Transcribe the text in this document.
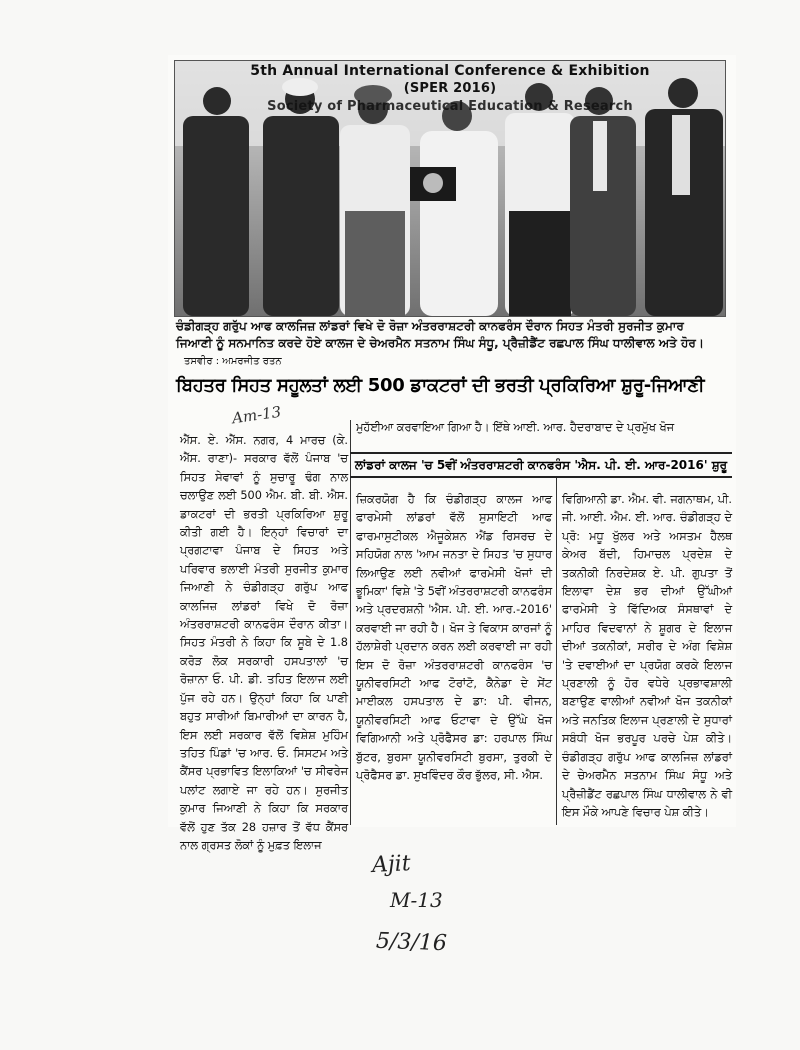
5th Annual International Conference & Exhibition
(SPER 2016)
Society of Pharmaceutical Education & Research
ਚੰਡੀਗੜ੍ਹ ਗਰੁੱਪ ਆਫ ਕਾਲਜਿਜ਼ ਲਾਂਡਰਾਂ ਵਿਖੇ ਦੋ ਰੋਜ਼ਾ ਅੰਤਰਰਾਸ਼ਟਰੀ ਕਾਨਫਰੰਸ ਦੌਰਾਨ ਸਿਹਤ ਮੰਤਰੀ ਸੁਰਜੀਤ ਕੁਮਾਰ ਜਿਆਣੀ ਨੂੰ ਸਨਮਾਨਿਤ ਕਰਦੇ ਹੋਏ ਕਾਲਜ ਦੇ ਚੇਅਰਮੈਨ ਸਤਨਾਮ ਸਿੰਘ ਸੰਧੂ, ਪ੍ਰੈਜ਼ੀਡੈਂਟ ਰਛਪਾਲ ਸਿੰਘ ਧਾਲੀਵਾਲ ਅਤੇ ਹੋਰ। ਤਸਵੀਰ : ਅਮਰਜੀਤ ਰਤਨ
ਬਿਹਤਰ ਸਿਹਤ ਸਹੂਲਤਾਂ ਲਈ 500 ਡਾਕਟਰਾਂ ਦੀ ਭਰਤੀ ਪ੍ਰਕਿਰਿਆ ਸ਼ੁਰੂ-ਜਿਆਣੀ
Am-13
ਐੱਸ. ਏ. ਐੱਸ. ਨਗਰ, 4 ਮਾਰਚ (ਕੇ. ਐੱਸ. ਰਾਣਾ)- ਸਰਕਾਰ ਵੱਲੋਂ ਪੰਜਾਬ 'ਚ ਸਿਹਤ ਸੇਵਾਵਾਂ ਨੂੰ ਸੁਚਾਰੂ ਢੰਗ ਨਾਲ ਚਲਾਉਣ ਲਈ 500 ਐਮ. ਬੀ. ਬੀ. ਐਸ. ਡਾਕਟਰਾਂ ਦੀ ਭਰਤੀ ਪ੍ਰਕਿਰਿਆ ਸ਼ੁਰੂ ਕੀਤੀ ਗਈ ਹੈ। ਇਨ੍ਹਾਂ ਵਿਚਾਰਾਂ ਦਾ ਪ੍ਰਗਟਾਵਾ ਪੰਜਾਬ ਦੇ ਸਿਹਤ ਅਤੇ ਪਰਿਵਾਰ ਭਲਾਈ ਮੰਤਰੀ ਸੁਰਜੀਤ ਕੁਮਾਰ ਜਿਆਣੀ ਨੇ ਚੰਡੀਗੜ੍ਹ ਗਰੁੱਪ ਆਫ ਕਾਲਜਿਜ਼ ਲਾਂਡਰਾਂ ਵਿਖੇ ਦੋ ਰੋਜ਼ਾ ਅੰਤਰਰਾਸ਼ਟਰੀ ਕਾਨਫਰੰਸ ਦੌਰਾਨ ਕੀਤਾ। ਸਿਹਤ ਮੰਤਰੀ ਨੇ ਕਿਹਾ ਕਿ ਸੂਬੇ ਦੇ 1.8 ਕਰੋੜ ਲੋਕ ਸਰਕਾਰੀ ਹਸਪਤਾਲਾਂ 'ਚ ਰੋਜ਼ਾਨਾ ਓ. ਪੀ. ਡੀ. ਤਹਿਤ ਇਲਾਜ ਲਈ ਪੁੱਜ ਰਹੇ ਹਨ। ਉਨ੍ਹਾਂ ਕਿਹਾ ਕਿ ਪਾਣੀ ਬਹੁਤ ਸਾਰੀਆਂ ਬਿਮਾਰੀਆਂ ਦਾ ਕਾਰਨ ਹੈ, ਇਸ ਲਈ ਸਰਕਾਰ ਵੱਲੋਂ ਵਿਸ਼ੇਸ਼ ਮੁਹਿੰਮ ਤਹਿਤ ਪਿੰਡਾਂ 'ਚ ਆਰ. ਓ. ਸਿਸਟਮ ਅਤੇ ਕੈਂਸਰ ਪ੍ਰਭਾਵਿਤ ਇਲਾਕਿਆਂ 'ਚ ਸੀਵਰੇਜ ਪਲਾਂਟ ਲਗਾਏ ਜਾ ਰਹੇ ਹਨ। ਸੁਰਜੀਤ ਕੁਮਾਰ ਜਿਆਣੀ ਨੇ ਕਿਹਾ ਕਿ ਸਰਕਾਰ ਵੱਲੋਂ ਹੁਣ ਤੱਕ 28 ਹਜ਼ਾਰ ਤੋਂ ਵੱਧ ਕੈਂਸਰ ਨਾਲ ਗ੍ਰਸਤ ਲੋਕਾਂ ਨੂੰ ਮੁਫ਼ਤ ਇਲਾਜ
ਮੁਹੱਈਆ ਕਰਵਾਇਆ ਗਿਆ ਹੈ। ਇੱਥੇ ਆਈ. ਆਰ. ਹੈਦਰਾਬਾਦ ਦੇ ਪ੍ਰਮੁੱਖ ਖੋਜ
ਲਾਂਡਰਾਂ ਕਾਲਜ 'ਚ 5ਵੀਂ ਅੰਤਰਰਾਸ਼ਟਰੀ ਕਾਨਫਰੰਸ 'ਐਸ. ਪੀ. ਈ. ਆਰ-2016' ਸ਼ੁਰੂ
ਜ਼ਿਕਰਯੋਗ ਹੈ ਕਿ ਚੰਡੀਗੜ੍ਹ ਕਾਲਜ ਆਫ ਫਾਰਮੇਸੀ ਲਾਂਡਰਾਂ ਵੱਲੋਂ ਸੁਸਾਇਟੀ ਆਫ ਫਾਰਮਾਸੁਟੀਕਲ ਐਜੂਕੇਸ਼ਨ ਐਂਡ ਰਿਸਰਚ ਦੇ ਸਹਿਯੋਗ ਨਾਲ 'ਆਮ ਜਨਤਾ ਦੇ ਸਿਹਤ 'ਚ ਸੁਧਾਰ ਲਿਆਉਣ ਲਈ ਨਵੀਆਂ ਫਾਰਮੇਸੀ ਖੋਜਾਂ ਦੀ ਭੂਮਿਕਾ' ਵਿਸ਼ੇ 'ਤੇ 5ਵੀਂ ਅੰਤਰਰਾਸ਼ਟਰੀ ਕਾਨਫਰੰਸ ਅਤੇ ਪ੍ਰਦਰਸ਼ਨੀ 'ਐਸ. ਪੀ. ਈ. ਆਰ.-2016' ਕਰਵਾਈ ਜਾ ਰਹੀ ਹੈ। ਖੋਜ ਤੇ ਵਿਕਾਸ ਕਾਰਜਾਂ ਨੂੰ ਹੱਲਾਸ਼ੇਰੀ ਪ੍ਰਦਾਨ ਕਰਨ ਲਈ ਕਰਵਾਈ ਜਾ ਰਹੀ ਇਸ ਦੋ ਰੋਜ਼ਾ ਅੰਤਰਰਾਸ਼ਟਰੀ ਕਾਨਫਰੰਸ 'ਚ ਯੂਨੀਵਰਸਿਟੀ ਆਫ ਟੋਰਾਂਟੋ, ਕੈਨੇਡਾ ਦੇ ਸੇਂਟ ਮਾਈਕਲ ਹਸਪਤਾਲ ਦੇ ਡਾ: ਪੀ. ਵੀਜਨ, ਯੂਨੀਵਰਸਿਟੀ ਆਫ ਓਟਾਵਾ ਦੇ ਉੱਘੇ ਖੋਜ ਵਿਗਿਆਨੀ ਅਤੇ ਪ੍ਰੋਫੈਸਰ ਡਾ: ਹਰਪਾਲ ਸਿੰਘ ਬੁੱਟਰ, ਬੁਰਸਾ ਯੂਨੀਵਰਸਿਟੀ ਬੁਰਸਾ, ਤੁਰਕੀ ਦੇ ਪ੍ਰੋਫੈਸਰ ਡਾ. ਸੁਖਵਿੰਦਰ ਕੌਰ ਭੁੱਲਰ, ਸੀ. ਐਸ.
ਵਿਗਿਆਨੀ ਡਾ. ਐਮ. ਵੀ. ਜਗਨਾਥਮ, ਪੀ. ਜੀ. ਆਈ. ਐਮ. ਈ. ਆਰ. ਚੰਡੀਗੜ੍ਹ ਦੇ ਪ੍ਰੋ: ਮਧੂ ਖੁੱਲਰ ਅਤੇ ਅਸਤਮ ਹੈਲਥ ਕੇਅਰ ਬੱਦੀ, ਹਿਮਾਚਲ ਪ੍ਰਦੇਸ਼ ਦੇ ਤਕਨੀਕੀ ਨਿਰਦੇਸ਼ਕ ਏ. ਪੀ. ਗੁਪਤਾ ਤੋਂ ਇਲਾਵਾ ਦੇਸ਼ ਭਰ ਦੀਆਂ ਉੱਘੀਆਂ ਫਾਰਮੇਸੀ ਤੇ ਵਿੱਦਿਅਕ ਸੰਸਥਾਵਾਂ ਦੇ ਮਾਹਿਰ ਵਿਦਵਾਨਾਂ ਨੇ ਸ਼ੂਗਰ ਦੇ ਇਲਾਜ ਦੀਆਂ ਤਕਨੀਕਾਂ, ਸਰੀਰ ਦੇ ਅੰਗ ਵਿਸ਼ੇਸ਼ 'ਤੇ ਦਵਾਈਆਂ ਦਾ ਪ੍ਰਯੋਗ ਕਰਕੇ ਇਲਾਜ ਪ੍ਰਣਾਲੀ ਨੂੰ ਹੋਰ ਵਧੇਰੇ ਪ੍ਰਭਾਵਸ਼ਾਲੀ ਬਣਾਉਣ ਵਾਲੀਆਂ ਨਵੀਆਂ ਖੋਜ ਤਕਨੀਕਾਂ ਅਤੇ ਜਨਤਿਕ ਇਲਾਜ ਪ੍ਰਣਾਲੀ ਦੇ ਸੁਧਾਰਾਂ ਸਬੰਧੀ ਖੋਜ ਭਰਪੂਰ ਪਰਚੇ ਪੇਸ਼ ਕੀਤੇ। ਚੰਡੀਗੜ੍ਹ ਗਰੁੱਪ ਆਫ ਕਾਲਜਿਜ਼ ਲਾਂਡਰਾਂ ਦੇ ਚੇਅਰਮੈਨ ਸਤਨਾਮ ਸਿੰਘ ਸੰਧੂ ਅਤੇ ਪ੍ਰੈਜ਼ੀਡੈਂਟ ਰਛਪਾਲ ਸਿੰਘ ਧਾਲੀਵਾਲ ਨੇ ਵੀ ਇਸ ਮੌਕੇ ਆਪਣੇ ਵਿਚਾਰ ਪੇਸ਼ ਕੀਤੇ।
Ajit
M-13
5/3/16
